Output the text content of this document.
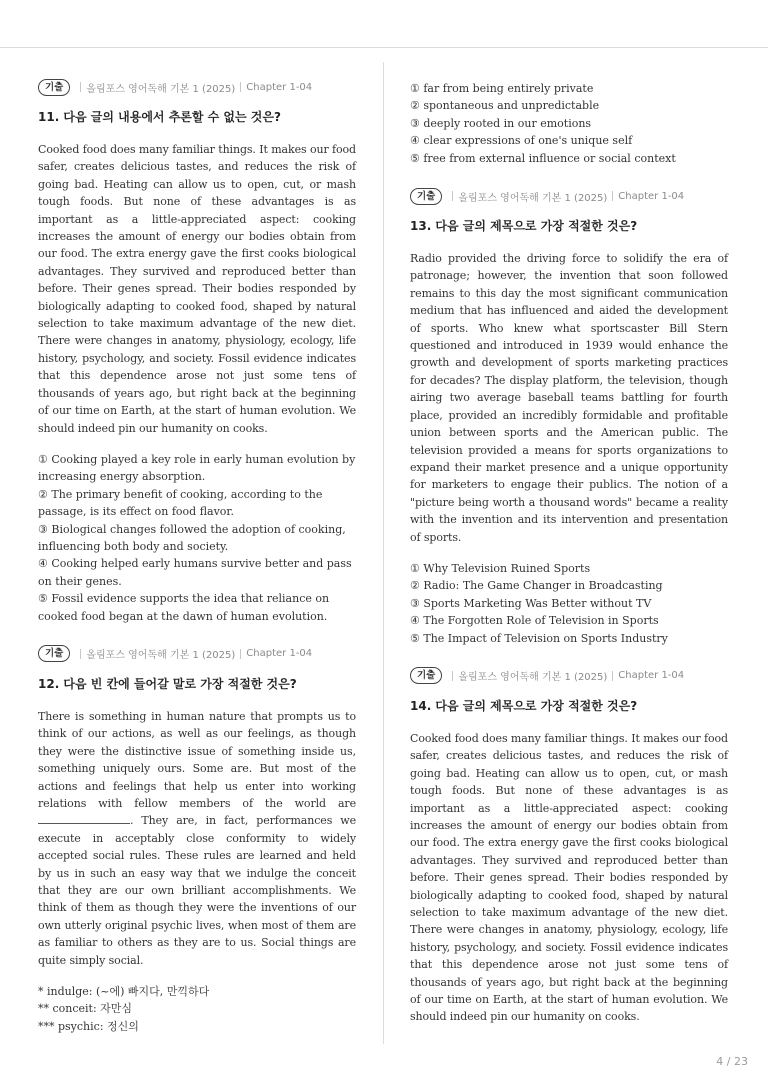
기출	올림포스 영어독해 기본 1 (2025) Chapter 1-04
11. 다음 글의 내용에서 추론할 수 없는 것은?

Cooked food does many familiar things. It makes our food safer, creates delicious tastes, and reduces the risk of going bad. Heating can allow us to open, cut, or mash tough foods. But none of these advantages is as important as a little-appreciated aspect: cooking increases the amount of energy our bodies obtain from our food. The extra energy gave the first cooks biological advantages. They survived and reproduced better than before. Their genes spread. Their bodies responded by biologically adapting to cooked food, shaped by natural selection to take maximum advantage of the new diet. There were changes in anatomy, physiology, ecology, life history, psychology, and society. Fossil evidence indicates that this dependence arose not just some tens of thousands of years ago, but right back at the beginning of our time on Earth, at the start of human evolution. We should indeed pin our humanity on cooks.

① Cooking played a key role in early human evolution by increasing energy absorption.
② The primary benefit of cooking, according to the passage, is its effect on food flavor.
③ Biological changes followed the adoption of cooking, influencing both body and society.
④ Cooking helped early humans survive better and pass on their genes.
⑤ Fossil evidence supports the idea that reliance on cooked food began at the dawn of human evolution.
기출	올림포스 영어독해 기본 1 (2025) Chapter 1-04
12. 다음 빈 칸에 들어갈 말로 가장 적절한 것은?

There is something in human nature that prompts us to think of our actions, as well as our feelings, as though they were the distinctive issue of something inside us, something uniquely ours. Some are. But most of the actions and feelings that help us enter into working relations with fellow members of the world are . They are, in fact, performances we execute in acceptably close conformity to widely accepted social rules. These rules are learned and held by us in such an easy way that we indulge the conceit that they are our own brilliant accomplishments. We think of them as though they were the inventions of our own utterly original psychic lives, when most of them are as familiar to others as they are to us. Social things are quite simply social.

* indulge: (~에) 빠지다, 만끽하다
** conceit: 자만심
*** psychic: 정신의
① far from being entirely private
② spontaneous and unpredictable
③ deeply rooted in our emotions
④ clear expressions of one's unique self
⑤ free from external influence or social context
기출	올림포스 영어독해 기본 1 (2025) Chapter 1-04
13. 다음 글의 제목으로 가장 적절한 것은?

Radio provided the driving force to solidify the era of patronage; however, the invention that soon followed remains to this day the most significant communication medium that has influenced and aided the development of sports. Who knew what sportscaster Bill Stern questioned and introduced in 1939 would enhance the growth and development of sports marketing practices for decades? The display platform, the television, though airing two average baseball teams battling for fourth place, provided an incredibly formidable and profitable union between sports and the American public. The television provided a means for sports organizations to expand their market presence and a unique opportunity for marketers to engage their publics. The notion of a "picture being worth a thousand words" became a reality with the invention and its intervention and presentation of sports.

① Why Television Ruined Sports
② Radio: The Game Changer in Broadcasting
③ Sports Marketing Was Better without TV
④ The Forgotten Role of Television in Sports
⑤ The Impact of Television on Sports Industry
기출	올림포스 영어독해 기본 1 (2025) Chapter 1-04
14. 다음 글의 제목으로 가장 적절한 것은?

Cooked food does many familiar things. It makes our food safer, creates delicious tastes, and reduces the risk of going bad. Heating can allow us to open, cut, or mash tough foods. But none of these advantages is as important as a little-appreciated aspect: cooking increases the amount of energy our bodies obtain from our food. The extra energy gave the first cooks biological advantages. They survived and reproduced better than before. Their genes spread. Their bodies responded by biologically adapting to cooked food, shaped by natural selection to take maximum advantage of the new diet. There were changes in anatomy, physiology, ecology, life history, psychology, and society. Fossil evidence indicates that this dependence arose not just some tens of thousands of years ago, but right back at the beginning of our time on Earth, at the start of human evolution. We should indeed pin our humanity on cooks.

4 / 23
